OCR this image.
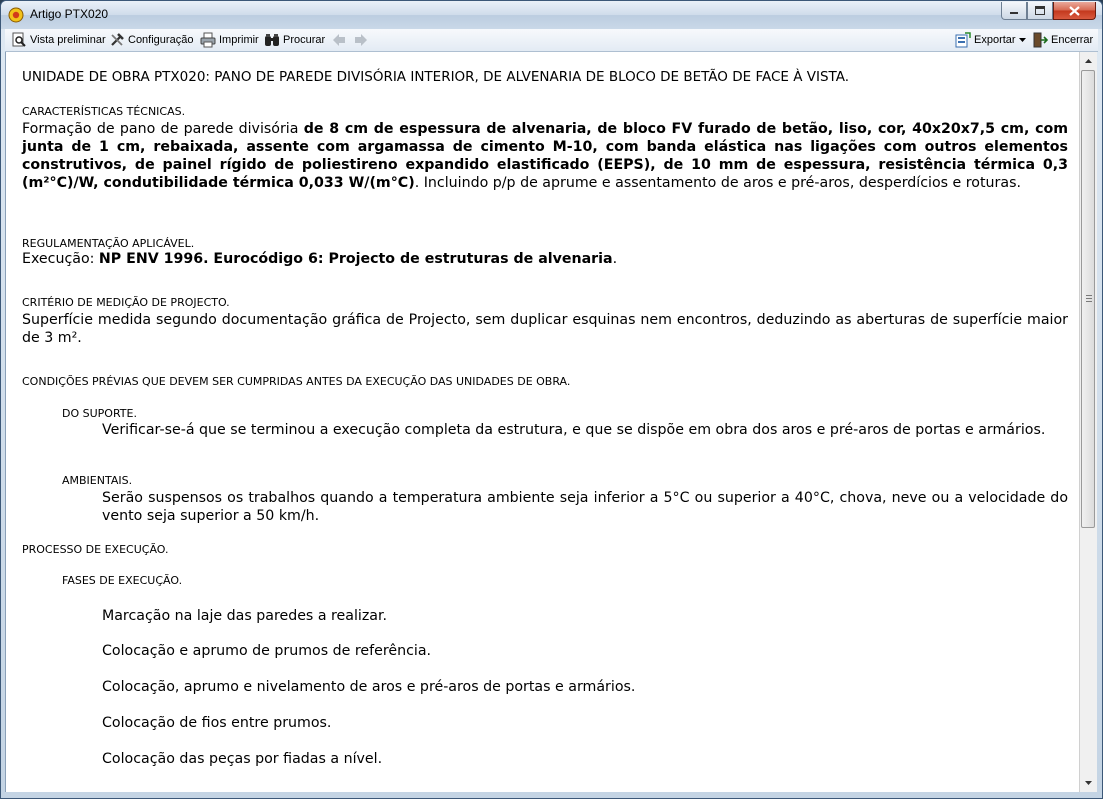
Artigo PTX020
Vista preliminar Configuração Imprimir Procurar	Exportar	Encerrar
UNIDADE DE OBRA PTX020: PANO DE PAREDE DIVISÓRIA INTERIOR, DE ALVENARIA DE BLOCO DE BETÃO DE FACE À VISTA.
CARACTERÍSTICAS TÉCNICAS.
Formação de pano de parede divisória de 8 cm de espessura de alvenaria, de bloco FV furado de betão, liso, cor, 40x20x7,5 cm, com junta de 1 cm, rebaixada, assente com argamassa de cimento M-10, com banda elástica nas ligações com outros elementos construtivos, de painel rígido de poliestireno expandido elastificado (EEPS), de 10 mm de espessura, resistência térmica 0,3 (m²°C)/W, condutibilidade térmica 0,033 W/(m°C). Incluindo p/p de aprume e assentamento de aros e pré-aros, desperdícios e roturas.
REGULAMENTAÇÃO APLICÁVEL.
Execução: NP ENV 1996. Eurocódigo 6: Projecto de estruturas de alvenaria.
CRITÉRIO DE MEDIÇÃO DE PROJECTO.
Superfície medida segundo documentação gráfica de Projecto, sem duplicar esquinas nem encontros, deduzindo as aberturas de superfície maior de 3 m².
CONDIÇÕES PRÉVIAS QUE DEVEM SER CUMPRIDAS ANTES DA EXECUÇÃO DAS UNIDADES DE OBRA.
DO SUPORTE.
Verificar-se-á que se terminou a execução completa da estrutura, e que se dispõe em obra dos aros e pré-aros de portas e armários.
AMBIENTAIS.
Serão suspensos os trabalhos quando a temperatura ambiente seja inferior a 5°C ou superior a 40°C, chova, neve ou a velocidade do vento seja superior a 50 km/h.
PROCESSO DE EXECUÇÃO.
FASES DE EXECUÇÃO.
Marcação na laje das paredes a realizar.
Colocação e aprumo de prumos de referência.
Colocação, aprumo e nivelamento de aros e pré-aros de portas e armários.
Colocação de fios entre prumos.
Colocação das peças por fiadas a nível.
